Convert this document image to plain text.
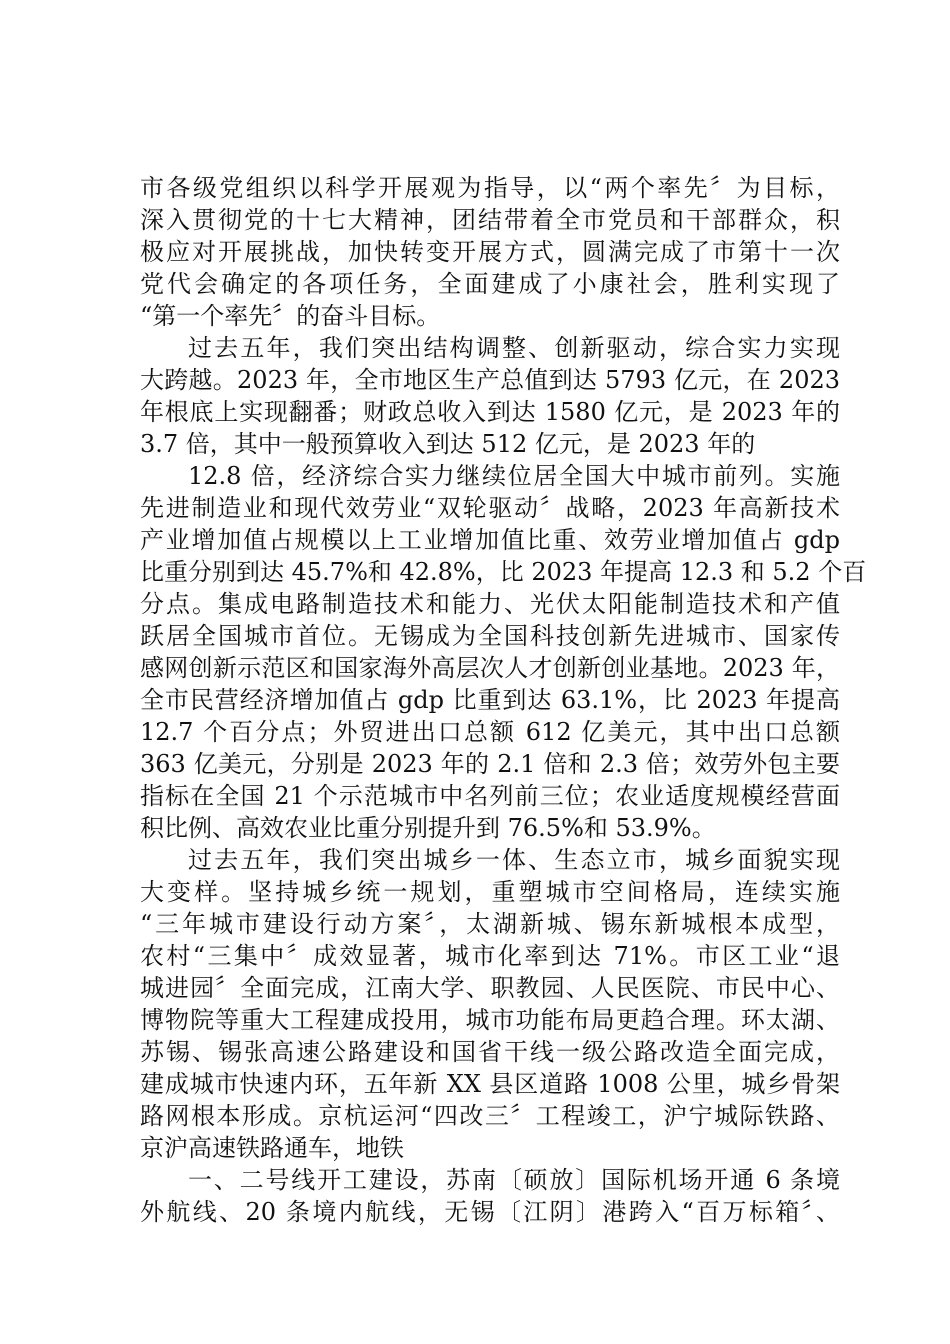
市各级党组织以科学开展观为指导，以“两个率先〞为目标，
深入贯彻党的十七大精神，团结带着全市党员和干部群众，积
极应对开展挑战，加快转变开展方式，圆满完成了市第十一次
党代会确定的各项任务，全面建成了小康社会，胜利实现了
“第一个率先〞的奋斗目标。
过去五年，我们突出结构调整、创新驱动，综合实力实现
大跨越。2023 年，全市地区生产总值到达 5793 亿元，在 2023
年根底上实现翻番；财政总收入到达 1580 亿元，是 2023 年的
3.7 倍，其中一般预算收入到达 512 亿元，是 2023 年的
12.8 倍，经济综合实力继续位居全国大中城市前列。实施
先进制造业和现代效劳业“双轮驱动〞战略，2023 年高新技术
产业增加值占规模以上工业增加值比重、效劳业增加值占 gdp
比重分别到达 45.7%和 42.8%，比 2023 年提高 12.3 和 5.2 个百
分点。集成电路制造技术和能力、光伏太阳能制造技术和产值
跃居全国城市首位。无锡成为全国科技创新先进城市、国家传
感网创新示范区和国家海外高层次人才创新创业基地。2023 年，
全市民营经济增加值占 gdp 比重到达 63.1%，比 2023 年提高
12.7 个百分点；外贸进出口总额 612 亿美元，其中出口总额
363 亿美元，分别是 2023 年的 2.1 倍和 2.3 倍；效劳外包主要
指标在全国 21 个示范城市中名列前三位；农业适度规模经营面
积比例、高效农业比重分别提升到 76.5%和 53.9%。
过去五年，我们突出城乡一体、生态立市，城乡面貌实现
大变样。坚持城乡统一规划，重塑城市空间格局，连续实施
“三年城市建设行动方案〞，太湖新城、锡东新城根本成型，
农村“三集中〞成效显著，城市化率到达 71%。市区工业“退
城进园〞全面完成，江南大学、职教园、人民医院、市民中心、
博物院等重大工程建成投用，城市功能布局更趋合理。环太湖、
苏锡、锡张高速公路建设和国省干线一级公路改造全面完成，
建成城市快速内环，五年新 XX 县区道路 1008 公里，城乡骨架
路网根本形成。京杭运河“四改三〞工程竣工，沪宁城际铁路、
京沪高速铁路通车，地铁
一、二号线开工建设，苏南〔硕放〕国际机场开通 6 条境
外航线、20 条境内航线，无锡〔江阴〕港跨入“百万标箱〞、
